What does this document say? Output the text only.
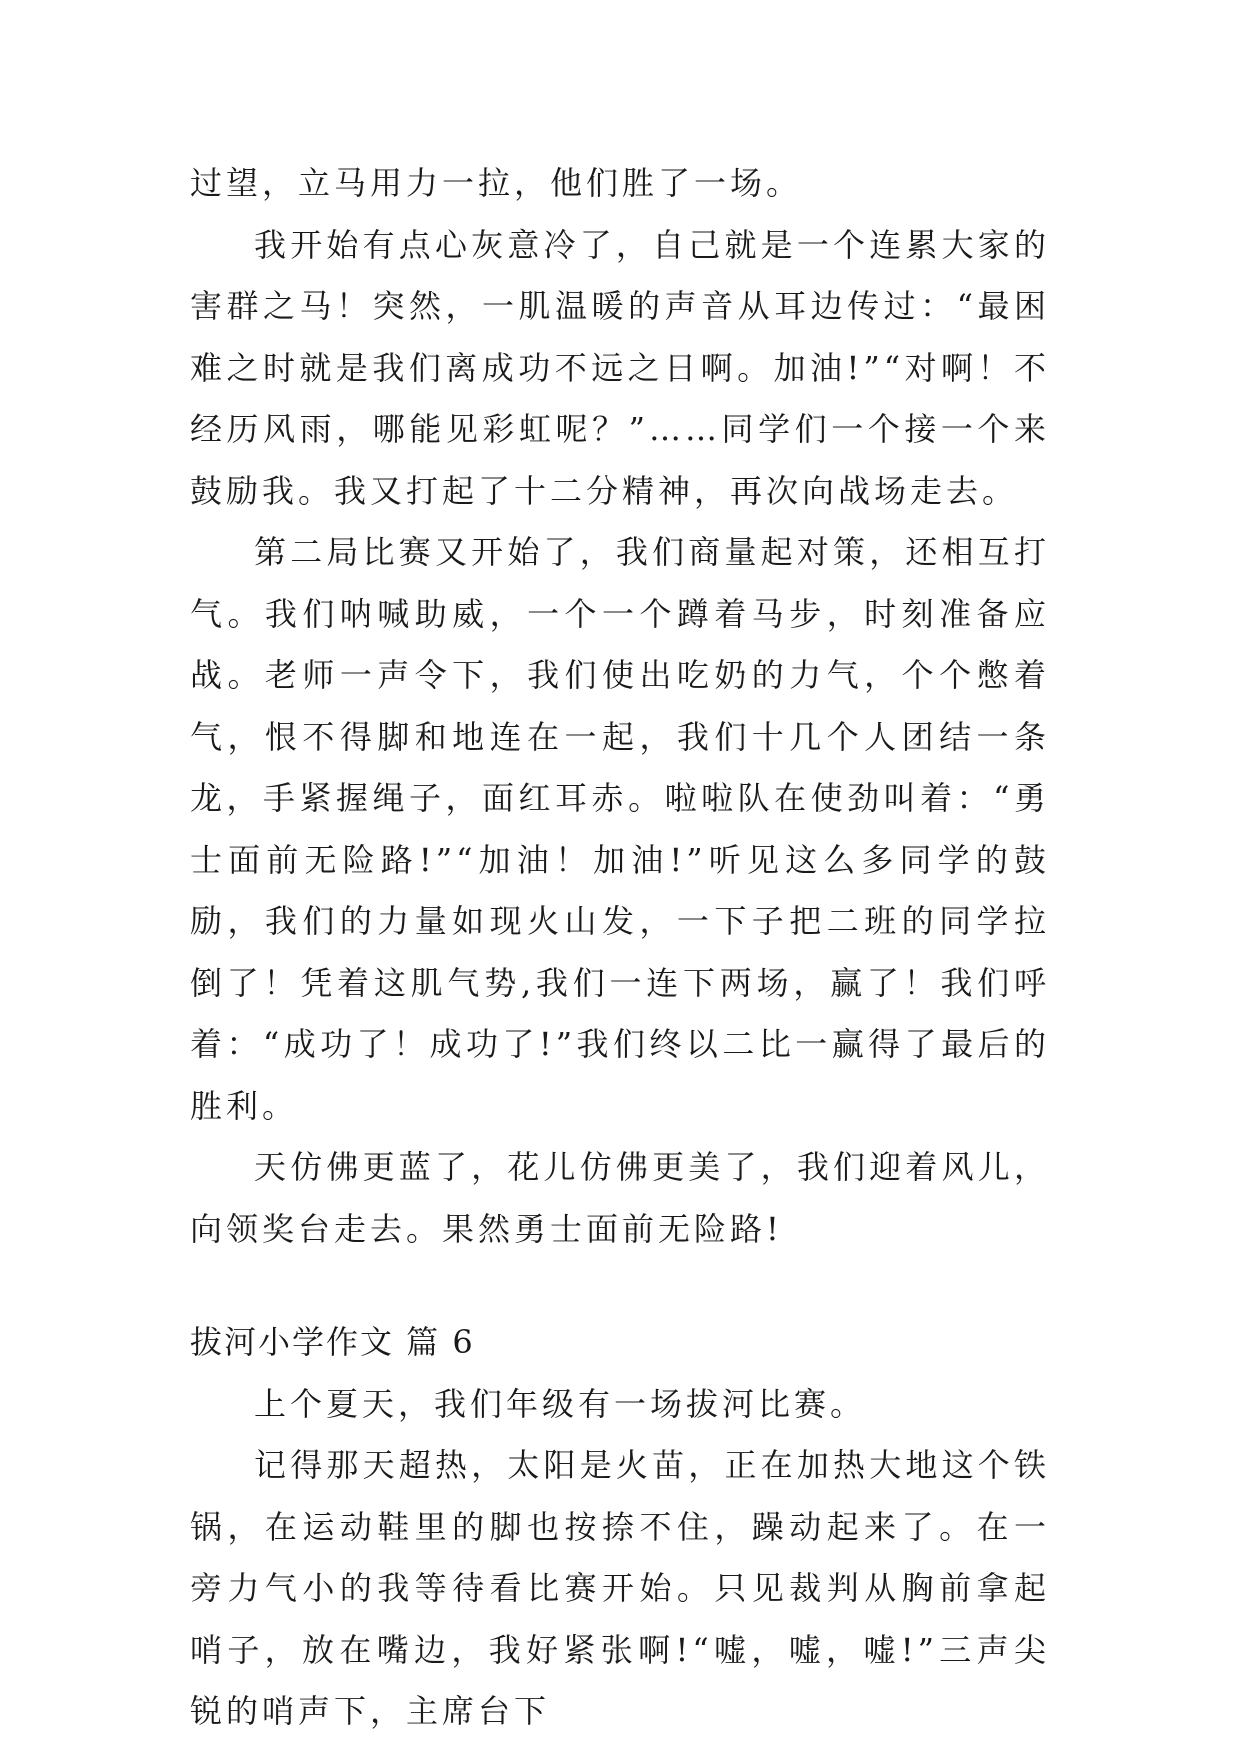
过望，立马用力一拉，他们胜了一场。

我开始有点心灰意冷了，自己就是一个连累大家的害群之马！突然，一肌温暖的声音从耳边传过：“最困难之时就是我们离成功不远之日啊。加油!”“对啊！不经历风雨，哪能见彩虹呢？”……同学们一个接一个来鼓励我。我又打起了十二分精神，再次向战场走去。

第二局比赛又开始了，我们商量起对策，还相互打气。我们呐喊助威，一个一个蹲着马步，时刻准备应战。老师一声令下，我们使出吃奶的力气，个个憋着气，恨不得脚和地连在一起，我们十几个人团结一条龙，手紧握绳子，面红耳赤。啦啦队在使劲叫着：“勇士面前无险路!”“加油！加油!”听见这么多同学的鼓励，我们的力量如现火山发，一下子把二班的同学拉倒了！凭着这肌气势,我们一连下两场，赢了！我们呼着：“成功了！成功了!”我们终以二比一赢得了最后的胜利。

天仿佛更蓝了，花儿仿佛更美了，我们迎着风儿，向领奖台走去。果然勇士面前无险路!

拔河小学作文 篇 6

上个夏天，我们年级有一场拔河比赛。

记得那天超热，太阳是火苗，正在加热大地这个铁锅，在运动鞋里的脚也按捺不住，躁动起来了。在一旁力气小的我等待看比赛开始。只见裁判从胸前拿起哨子，放在嘴边，我好紧张啊!“嘘，嘘，嘘!”三声尖锐的哨声下，主席台下
